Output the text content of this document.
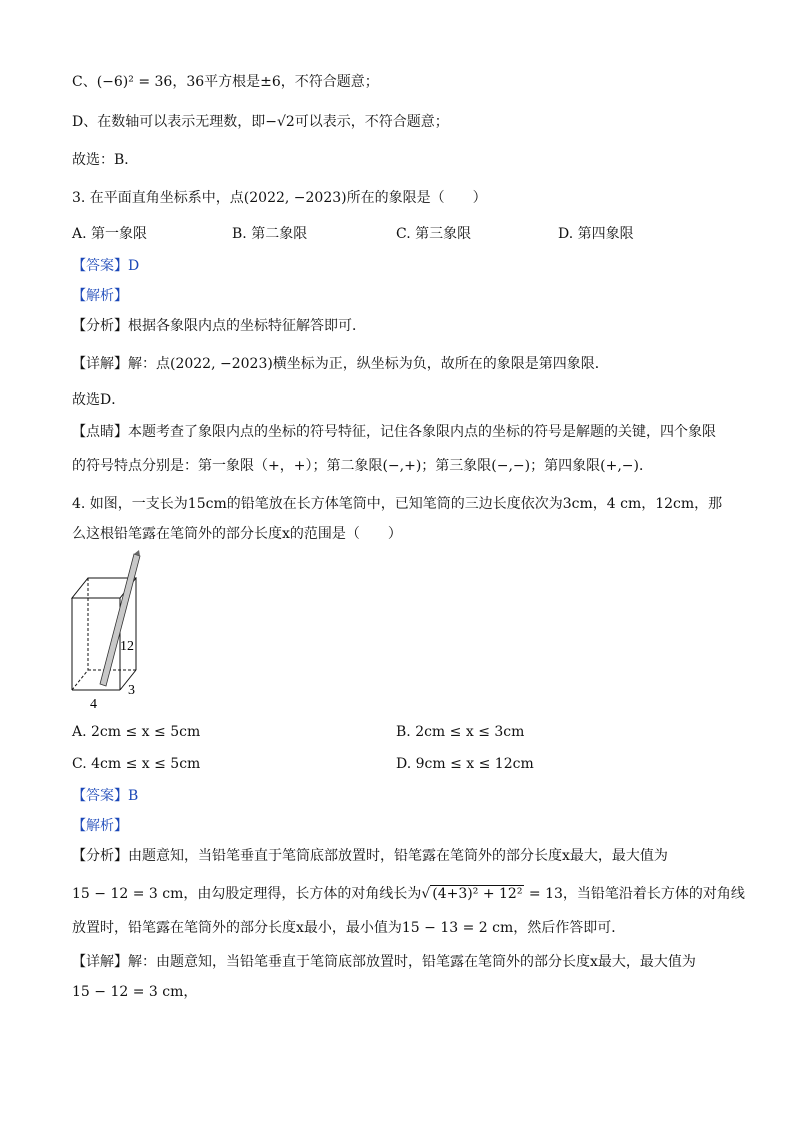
C、(−6)² = 36，36平方根是±6，不符合题意；
D、在数轴可以表示无理数，即−√2可以表示，不符合题意；
故选：B．
3. 在平面直角坐标系中，点(2022, −2023)所在的象限是（　　）
A. 第一象限	B. 第二象限	C. 第三象限	D. 第四象限
【答案】D
【解析】
【分析】根据各象限内点的坐标特征解答即可．
【详解】解：点(2022, −2023)横坐标为正，纵坐标为负，故所在的象限是第四象限．
故选D．
【点睛】本题考查了象限内点的坐标的符号特征，记住各象限内点的坐标的符号是解题的关键，四个象限
的符号特点分别是：第一象限（+，+）；第二象限(−,+)；第三象限(−,−)；第四象限(+,−)．
4. 如图，一支长为15cm的铅笔放在长方体笔筒中，已知笔筒的三边长度依次为3cm，4 cm，12cm，那
么这根铅笔露在笔筒外的部分长度x的范围是（　　）
12
3
4
A. 2cm ≤ x ≤ 5cm	B. 2cm ≤ x ≤ 3cm
C. 4cm ≤ x ≤ 5cm	D. 9cm ≤ x ≤ 12cm
【答案】B
【解析】
【分析】由题意知，当铅笔垂直于笔筒底部放置时，铅笔露在笔筒外的部分长度x最大，最大值为
15 − 12 = 3 cm，由勾股定理得，长方体的对角线长为√ (4+3)² + 12² = 13，当铅笔沿着长方体的对角线
放置时，铅笔露在笔筒外的部分长度x最小，最小值为15 − 13 = 2 cm，然后作答即可．
【详解】解：由题意知，当铅笔垂直于笔筒底部放置时，铅笔露在笔筒外的部分长度x最大，最大值为
15 − 12 = 3 cm，
